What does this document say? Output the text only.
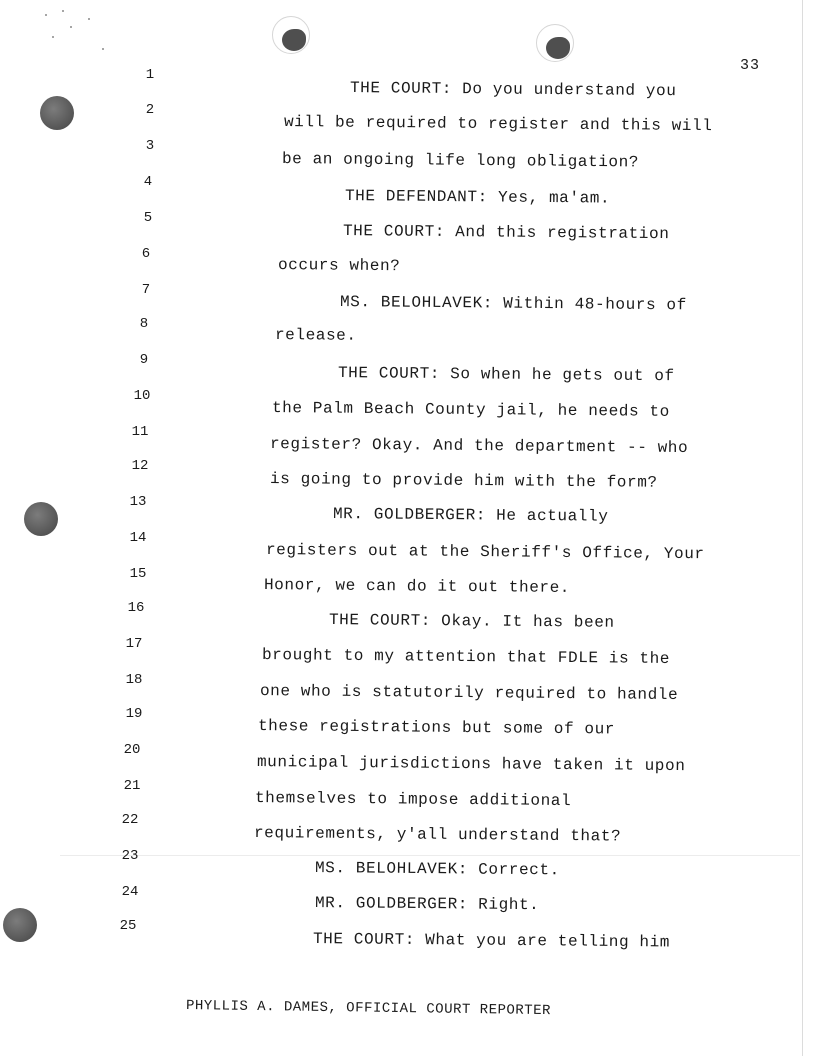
33
1
2
3
4
5
6
7
8
9
10
11
12
13
14
15
16
17
18
19
20
21
22
23
24
25
THE COURT: Do you understand you
will be required to register and this will
be an ongoing life long obligation?
THE DEFENDANT: Yes, ma'am.
THE COURT: And this registration
occurs when?
MS. BELOHLAVEK: Within 48-hours of
release.
THE COURT: So when he gets out of
the Palm Beach County jail, he needs to
register? Okay. And the department -- who
is going to provide him with the form?
MR. GOLDBERGER: He actually
registers out at the Sheriff's Office, Your
Honor, we can do it out there.
THE COURT: Okay. It has been
brought to my attention that FDLE is the
one who is statutorily required to handle
these registrations but some of our
municipal jurisdictions have taken it upon
themselves to impose additional
requirements, y'all understand that?
MS. BELOHLAVEK: Correct.
MR. GOLDBERGER: Right.
THE COURT: What you are telling him
PHYLLIS A. DAMES, OFFICIAL COURT REPORTER
